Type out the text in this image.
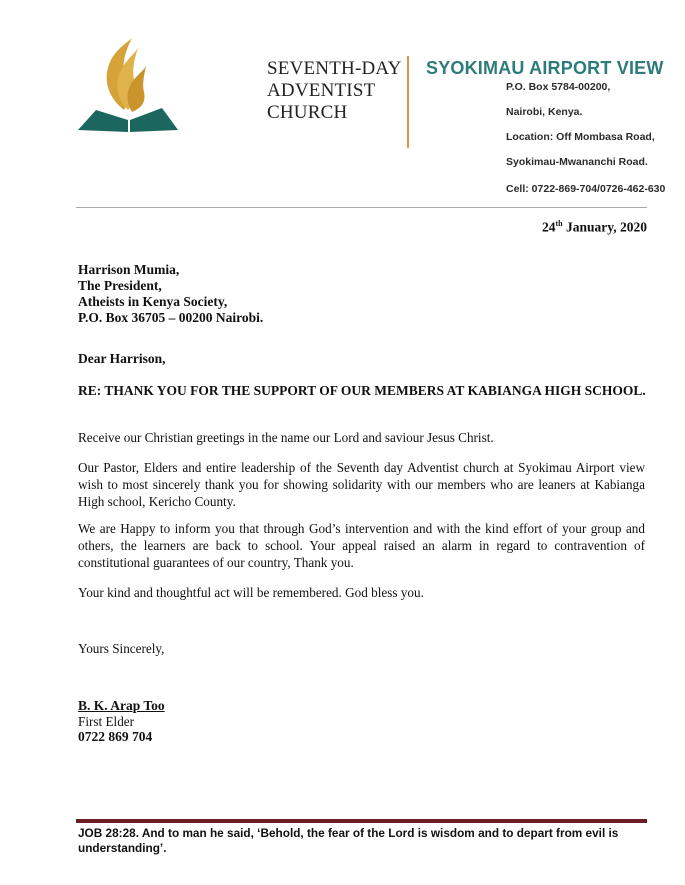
SEVENTH-DAY
ADVENTIST
CHURCH
SYOKIMAU AIRPORT VIEW
P.O. Box 5784-00200,
Nairobi, Kenya.
Location: Off Mombasa Road,
Syokimau-Mwananchi Road.
Cell: 0722-869-704/0726-462-630
24th January, 2020
Harrison Mumia,
The President,
Atheists in Kenya Society,
P.O. Box 36705 – 00200 Nairobi.
Dear Harrison,
RE: THANK YOU FOR THE SUPPORT OF OUR MEMBERS AT KABIANGA HIGH SCHOOL.
Receive our Christian greetings in the name our Lord and saviour Jesus Christ.
Our Pastor, Elders and entire leadership of the Seventh day Adventist church at Syokimau Airport view wish to most sincerely thank you for showing solidarity with our members who are leaners at Kabianga High school, Kericho County.
We are Happy to inform you that through God’s intervention and with the kind effort of your group and others, the learners are back to school. Your appeal raised an alarm in regard to contravention of constitutional guarantees of our country, Thank you.
Your kind and thoughtful act will be remembered. God bless you.
Yours Sincerely,
B. K. Arap Too
First Elder
0722 869 704
JOB 28:28. And to man he said, ‘Behold, the fear of the Lord is wisdom and to depart from evil is understanding’.
